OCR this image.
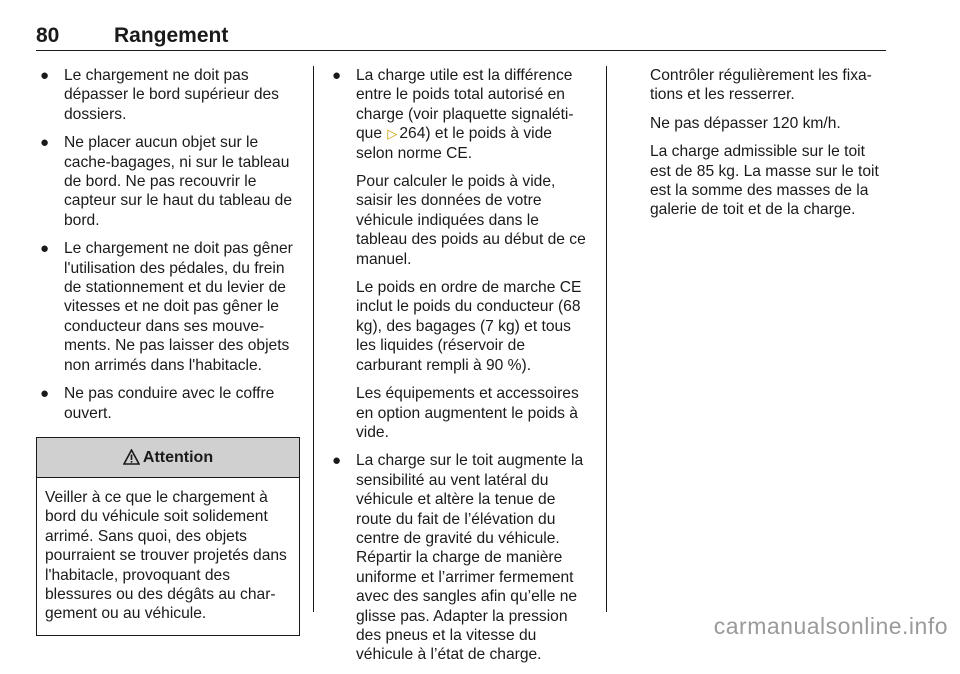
80	Rangement
● Le chargement ne doit pas dépasser le bord supérieur des dossiers.
● Ne placer aucun objet sur le cache-bagages, ni sur le tableau de bord. Ne pas recouvrir le capteur sur le haut du tableau de bord.
● Le chargement ne doit pas gêner l'utilisation des pédales, du frein de stationnement et du levier de vitesses et ne doit pas gêner le conducteur dans ses mouve-ments. Ne pas laisser des objets non arrimés dans l'habitacle.
● Ne pas conduire avec le coffre ouvert.
Attention
Veiller à ce que le chargement à bord du véhicule soit solidement arrimé. Sans quoi, des objets pourraient se trouver projetés dans l'habitacle, provoquant des blessures ou des dégâts au char-gement ou au véhicule.
● La charge utile est la différence entre le poids total autorisé en charge (voir plaquette signaléti-que ▷ 264) et le poids à vide selon norme CE.

Pour calculer le poids à vide, saisir les données de votre véhicule indiquées dans le tableau des poids au début de ce manuel.

Le poids en ordre de marche CE inclut le poids du conducteur (68 kg), des bagages (7 kg) et tous les liquides (réservoir de carburant rempli à 90 %).

Les équipements et accessoires en option augmentent le poids à vide.

● La charge sur le toit augmente la sensibilité au vent latéral du véhicule et altère la tenue de route du fait de l’élévation du centre de gravité du véhicule. Répartir la charge de manière uniforme et l’arrimer fermement avec des sangles afin qu’elle ne glisse pas. Adapter la pression des pneus et la vitesse du véhicule à l’état de charge.

Contrôler régulièrement les fixa-tions et les resserrer.

Ne pas dépasser 120 km/h.

La charge admissible sur le toit est de 85 kg. La masse sur le toit est la somme des masses de la galerie de toit et de la charge.

carmanualsonline.info
